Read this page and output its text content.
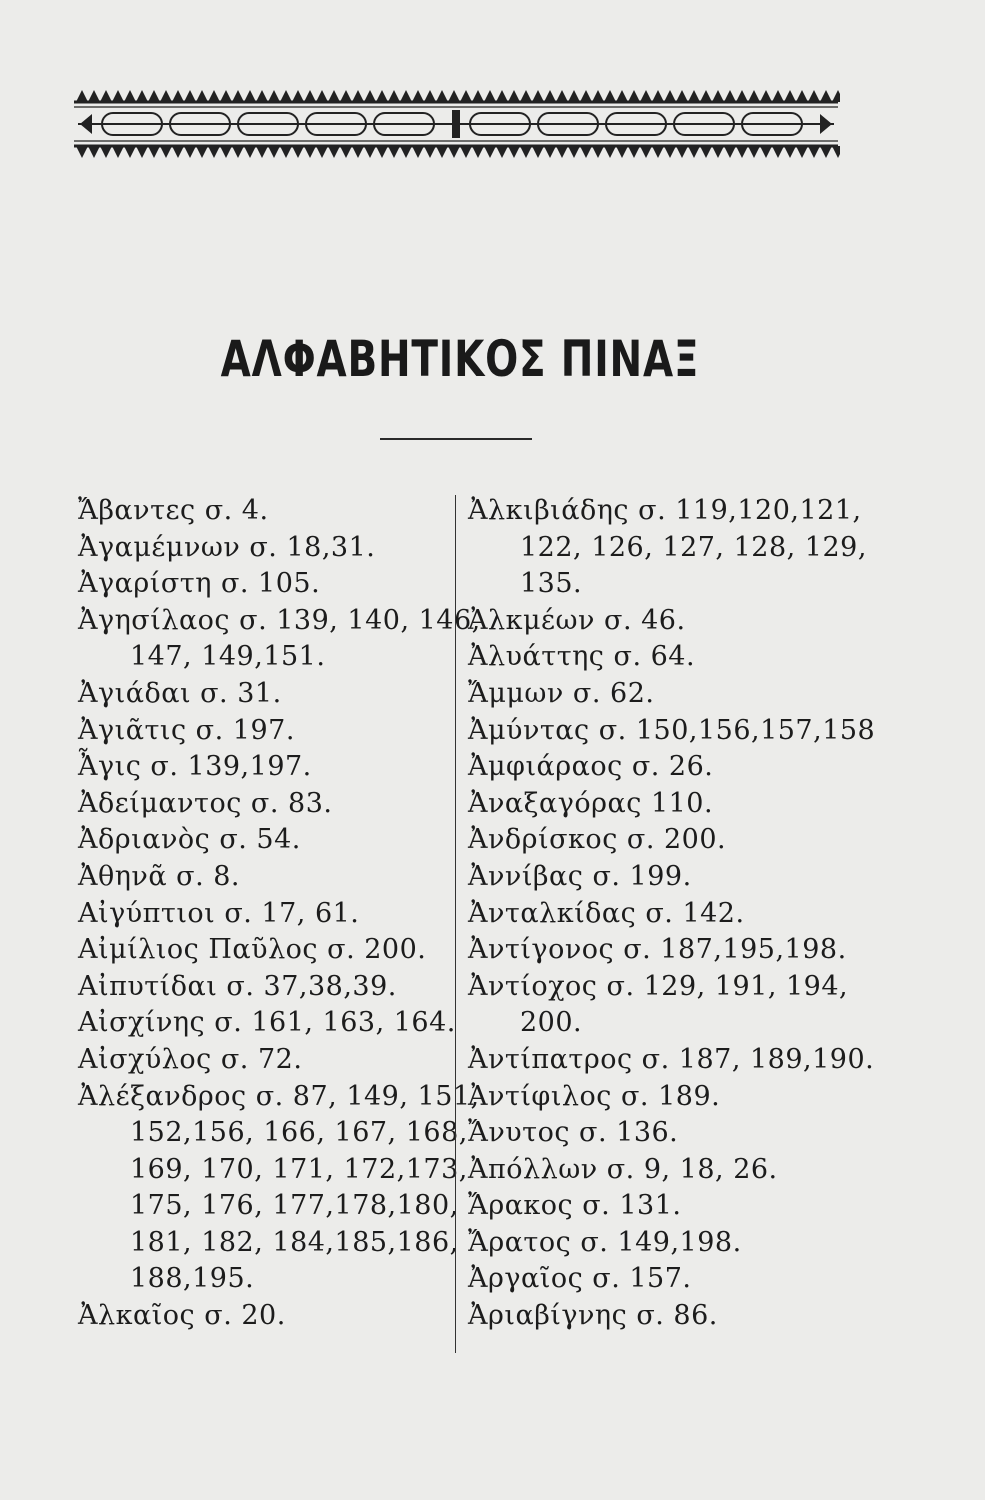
ΑΛΦΑΒΗΤΙΚΟΣ ΠΙΝΑΞ
Ἄβαντες σ. 4.
Ἀγαμέμνων σ. 18,31.
Ἀγαρίστη σ. 105.
Ἀγησίλαος σ. 139, 140, 146,
147, 149,151.
Ἀγιάδαι σ. 31.
Ἀγιᾶτις σ. 197.
Ἆγις σ. 139,197.
Ἀδείμαντος σ. 83.
Ἀδριανὸς σ. 54.
Ἀθηνᾶ σ. 8.
Αἰγύπτιοι σ. 17, 61.
Αἰμίλιος Παῦλος σ. 200.
Αἰπυτίδαι σ. 37,38,39.
Αἰσχίνης σ. 161, 163, 164.
Αἰσχύλος σ. 72.
Ἀλέξανδρος σ. 87, 149, 151,
152,156, 166, 167, 168,
169, 170, 171, 172,173,
175, 176, 177,178,180,
181, 182, 184,185,186,
188,195.
Ἀλκαῖος σ. 20.
Ἀλκιβιάδης σ. 119,120,121,
122, 126, 127, 128, 129,
135.
Ἀλκμέων σ. 46.
Ἀλυάττης σ. 64.
Ἄμμων σ. 62.
Ἀμύντας σ. 150,156,157,158
Ἀμφιάραος σ. 26.
Ἀναξαγόρας 110.
Ἀνδρίσκος σ. 200.
Ἀννίβας σ. 199.
Ἀνταλκίδας σ. 142.
Ἀντίγονος σ. 187,195,198.
Ἀντίοχος σ. 129, 191, 194,
200.
Ἀντίπατρος σ. 187, 189,190.
Ἀντίφιλος σ. 189.
Ἄνυτος σ. 136.
Ἀπόλλων σ. 9, 18, 26.
Ἄρακος σ. 131.
Ἄρατος σ. 149,198.
Ἀργαῖος σ. 157.
Ἀριαβίγνης σ. 86.
